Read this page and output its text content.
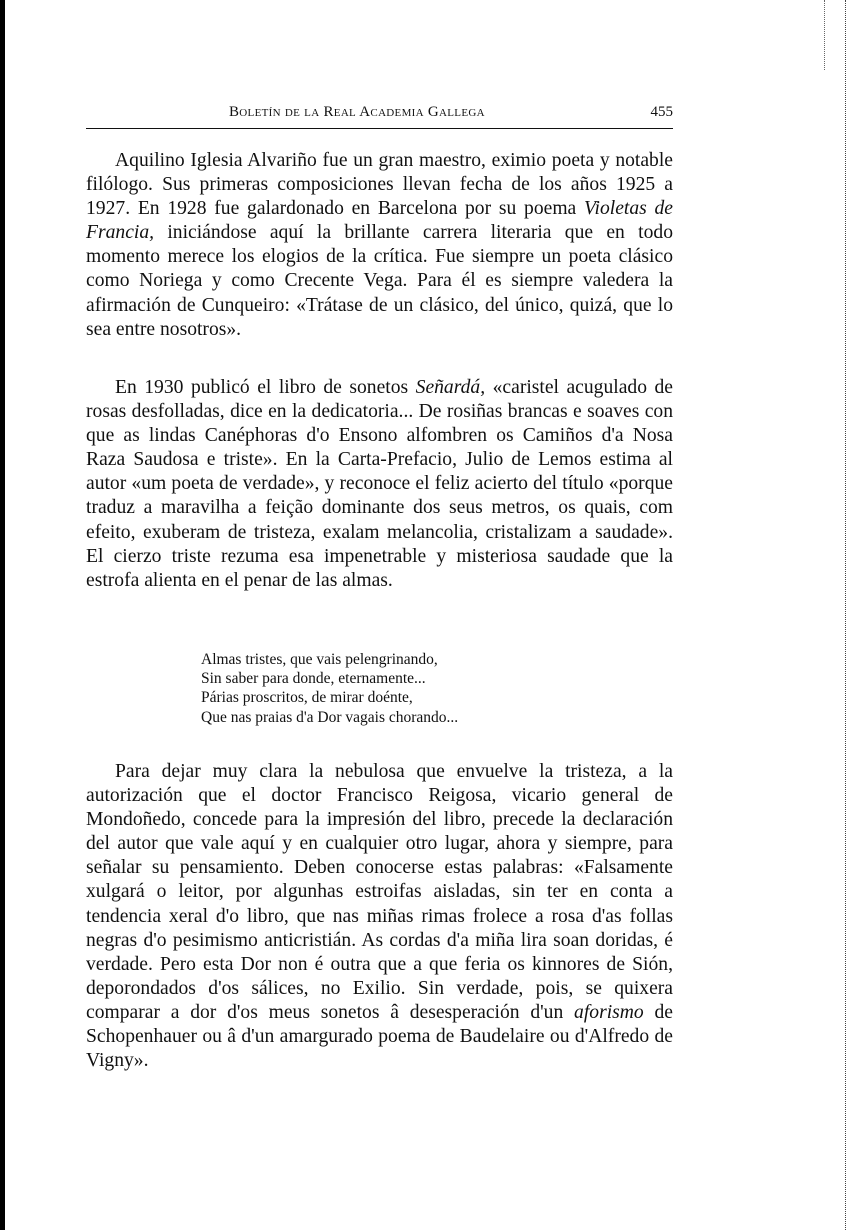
Boletín de la Real Academia Gallega	455

Aquilino Iglesia Alvariño fue un gran maestro, eximio poeta y notable filólogo. Sus primeras composiciones llevan fecha de los años 1925 a 1927. En 1928 fue galardonado en Barcelona por su poema Violetas de Francia, iniciándose aquí la brillante carrera literaria que en todo momento merece los elogios de la crítica. Fue siempre un poeta clásico como Noriega y como Crecente Vega. Para él es siempre valedera la afirmación de Cunqueiro: «Trátase de un clásico, del único, quizá, que lo sea entre nosotros».

En 1930 publicó el libro de sonetos Señardá, «caristel acugulado de rosas desfolladas, dice en la dedicatoria... De rosiñas brancas e soaves con que as lindas Canéphoras d'o Ensono alfombren os Camiños d'a Nosa Raza Saudosa e triste». En la Carta-Prefacio, Julio de Lemos estima al autor «um poeta de verdade», y reconoce el feliz acierto del título «porque traduz a maravilha a feição dominante dos seus metros, os quais, com efeito, exuberam de tristeza, exalam melancolia, cristalizam a saudade». El cierzo triste rezuma esa impenetrable y misteriosa saudade que la estrofa alienta en el penar de las almas.

Almas tristes, que vais pelengrinando,
Sin saber para donde, eternamente...
Párias proscritos, de mirar doénte,
Que nas praias d'a Dor vagais chorando...

Para dejar muy clara la nebulosa que envuelve la tristeza, a la autorización que el doctor Francisco Reigosa, vicario general de Mondoñedo, concede para la impresión del libro, precede la declaración del autor que vale aquí y en cualquier otro lugar, ahora y siempre, para señalar su pensamiento. Deben conocerse estas palabras: «Falsamente xulgará o leitor, por algunhas estroifas aisladas, sin ter en conta a tendencia xeral d'o libro, que nas miñas rimas frolece a rosa d'as follas negras d'o pesimismo anticristián. As cordas d'a miña lira soan doridas, é verdade. Pero esta Dor non é outra que a que feria os kinnores de Sión, deporondados d'os sálices, no Exilio. Sin verdade, pois, se quixera comparar a dor d'os meus sonetos â desesperación d'un aforismo de Schopenhauer ou â d'un amargurado poema de Baudelaire ou d'Alfredo de Vigny».
